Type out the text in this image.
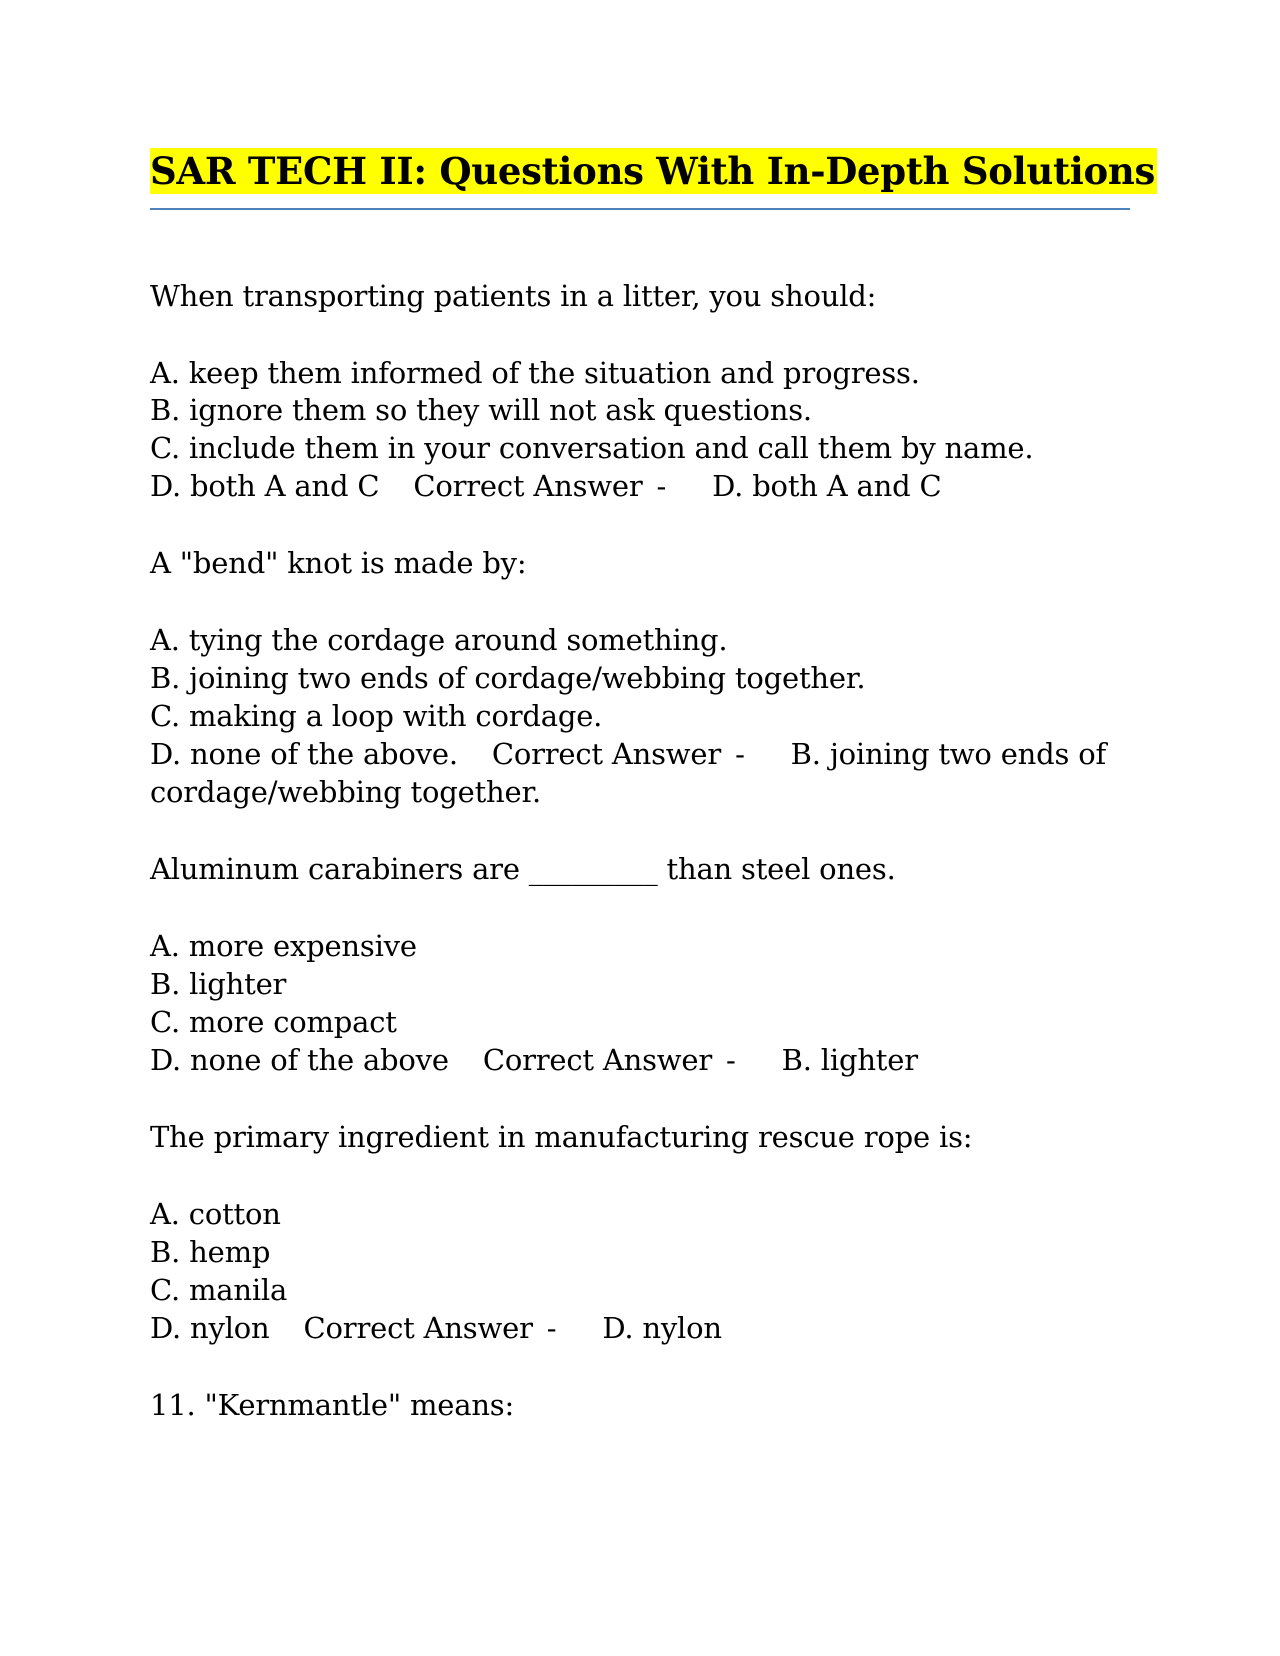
SAR TECH II: Questions With In-Depth Solutions
When transporting patients in a litter, you should:
A. keep them informed of the situation and progress.
B. ignore them so they will not ask questions.
C. include them in your conversation and call them by name.
D. both A and C Correct Answer - D. both A and C
A "bend" knot is made by:
A. tying the cordage around something.
B. joining two ends of cordage/webbing together.
C. making a loop with cordage.
D. none of the above. Correct Answer - B. joining two ends of
cordage/webbing together.
Aluminum carabiners are _________ than steel ones.
A. more expensive
B. lighter
C. more compact
D. none of the above Correct Answer - B. lighter
The primary ingredient in manufacturing rescue rope is:
A. cotton
B. hemp
C. manila
D. nylon Correct Answer - D. nylon
11. "Kernmantle" means:
